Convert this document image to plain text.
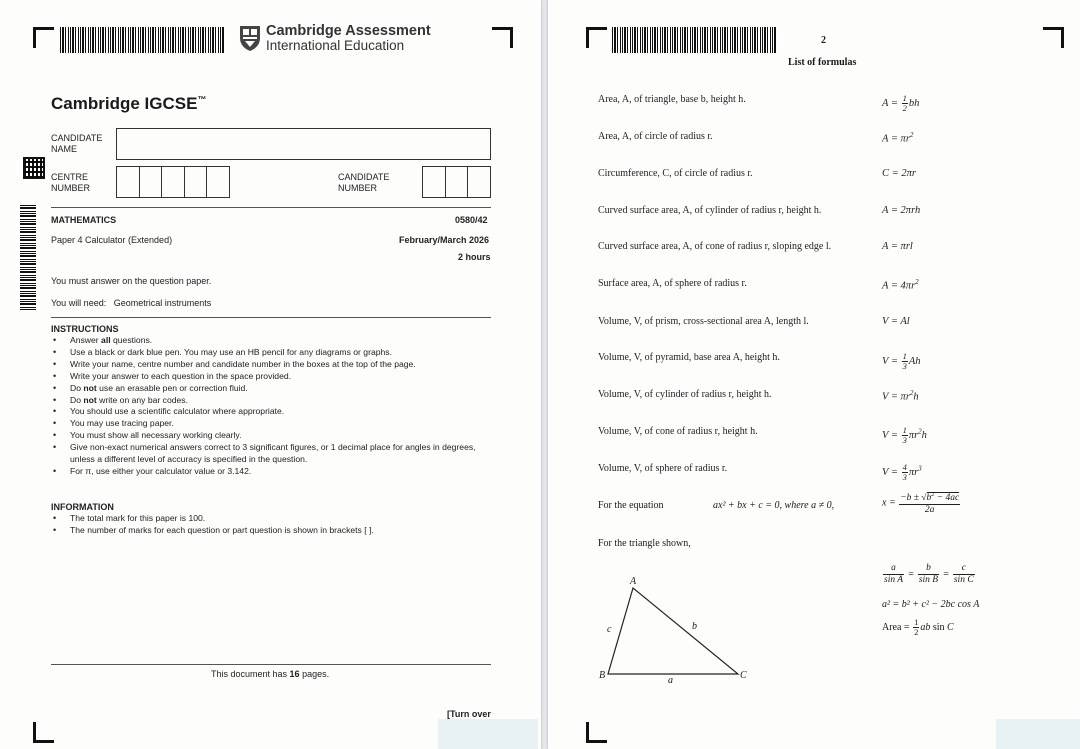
Cambridge Assessment
International Education
Cambridge IGCSE™
CANDIDATE
NAME
CENTRE
NUMBER
CANDIDATE
NUMBER
MATHEMATICS	0580/42
Paper 4 Calculator (Extended)	February/March 2026
2 hours
You must answer on the question paper.
You will need: Geometrical instruments
INSTRUCTIONS
• Answer all questions.
• Use a black or dark blue pen. You may use an HB pencil for any diagrams or graphs.
• Write your name, centre number and candidate number in the boxes at the top of the page.
• Write your answer to each question in the space provided.
• Do not use an erasable pen or correction fluid.
• Do not write on any bar codes.
• You should use a scientific calculator where appropriate.
• You may use tracing paper.
• You must show all necessary working clearly.
• Give non-exact numerical answers correct to 3 significant figures, or 1 decimal place for angles in degrees, unless a different level of accuracy is specified in the question.
• For π, use either your calculator value or 3.142.
INFORMATION
• The total mark for this paper is 100.
• The number of marks for each question or part question is shown in brackets [ ].
This document has 16 pages.
[Turn over
2
List of formulas
Area, A, of triangle, base b, height h.	$A = \frac{1}{2}$ bh
Area, A, of circle of radius r.	$A = \pi r^2$
Circumference, C, of circle of radius r.	C = 2πr
Curved surface area, A, of cylinder of radius r, height h.	A = 2πrh
Curved surface area, A, of cone of radius r, sloping edge l.	A = πrl
Surface area, A, of sphere of radius r.	$A = 4\pi r^2$
Volume, V, of prism, cross-sectional area A, length l.	V = Al
Volume, V, of pyramid, base area A, height h.	$V = \frac{1}{3}$ Ah
Volume, V, of cylinder of radius r, height h.	$V = \pi r^2h$
Volume, V, of cone of radius r, height h.	$V = \frac{1}{3} \pi r^2h$
Volume, V, of sphere of radius r.	$V = \frac{4}{3} \pi r^3$
For the equation	ax² + bx + c = 0, where a ≠ 0,	$x = \frac{-b \pm √b^2 - 4ac}{2a}$
For the triangle shown,
A
B	C
c	b
a
$\frac{a}{\text{sin A}} = \frac{b}{\text{sin B}} = \frac{c}{\text{sin C}}$
a² = b² + c² − 2bc cos A
Area = $\frac{1}{2}$ ab sin C
